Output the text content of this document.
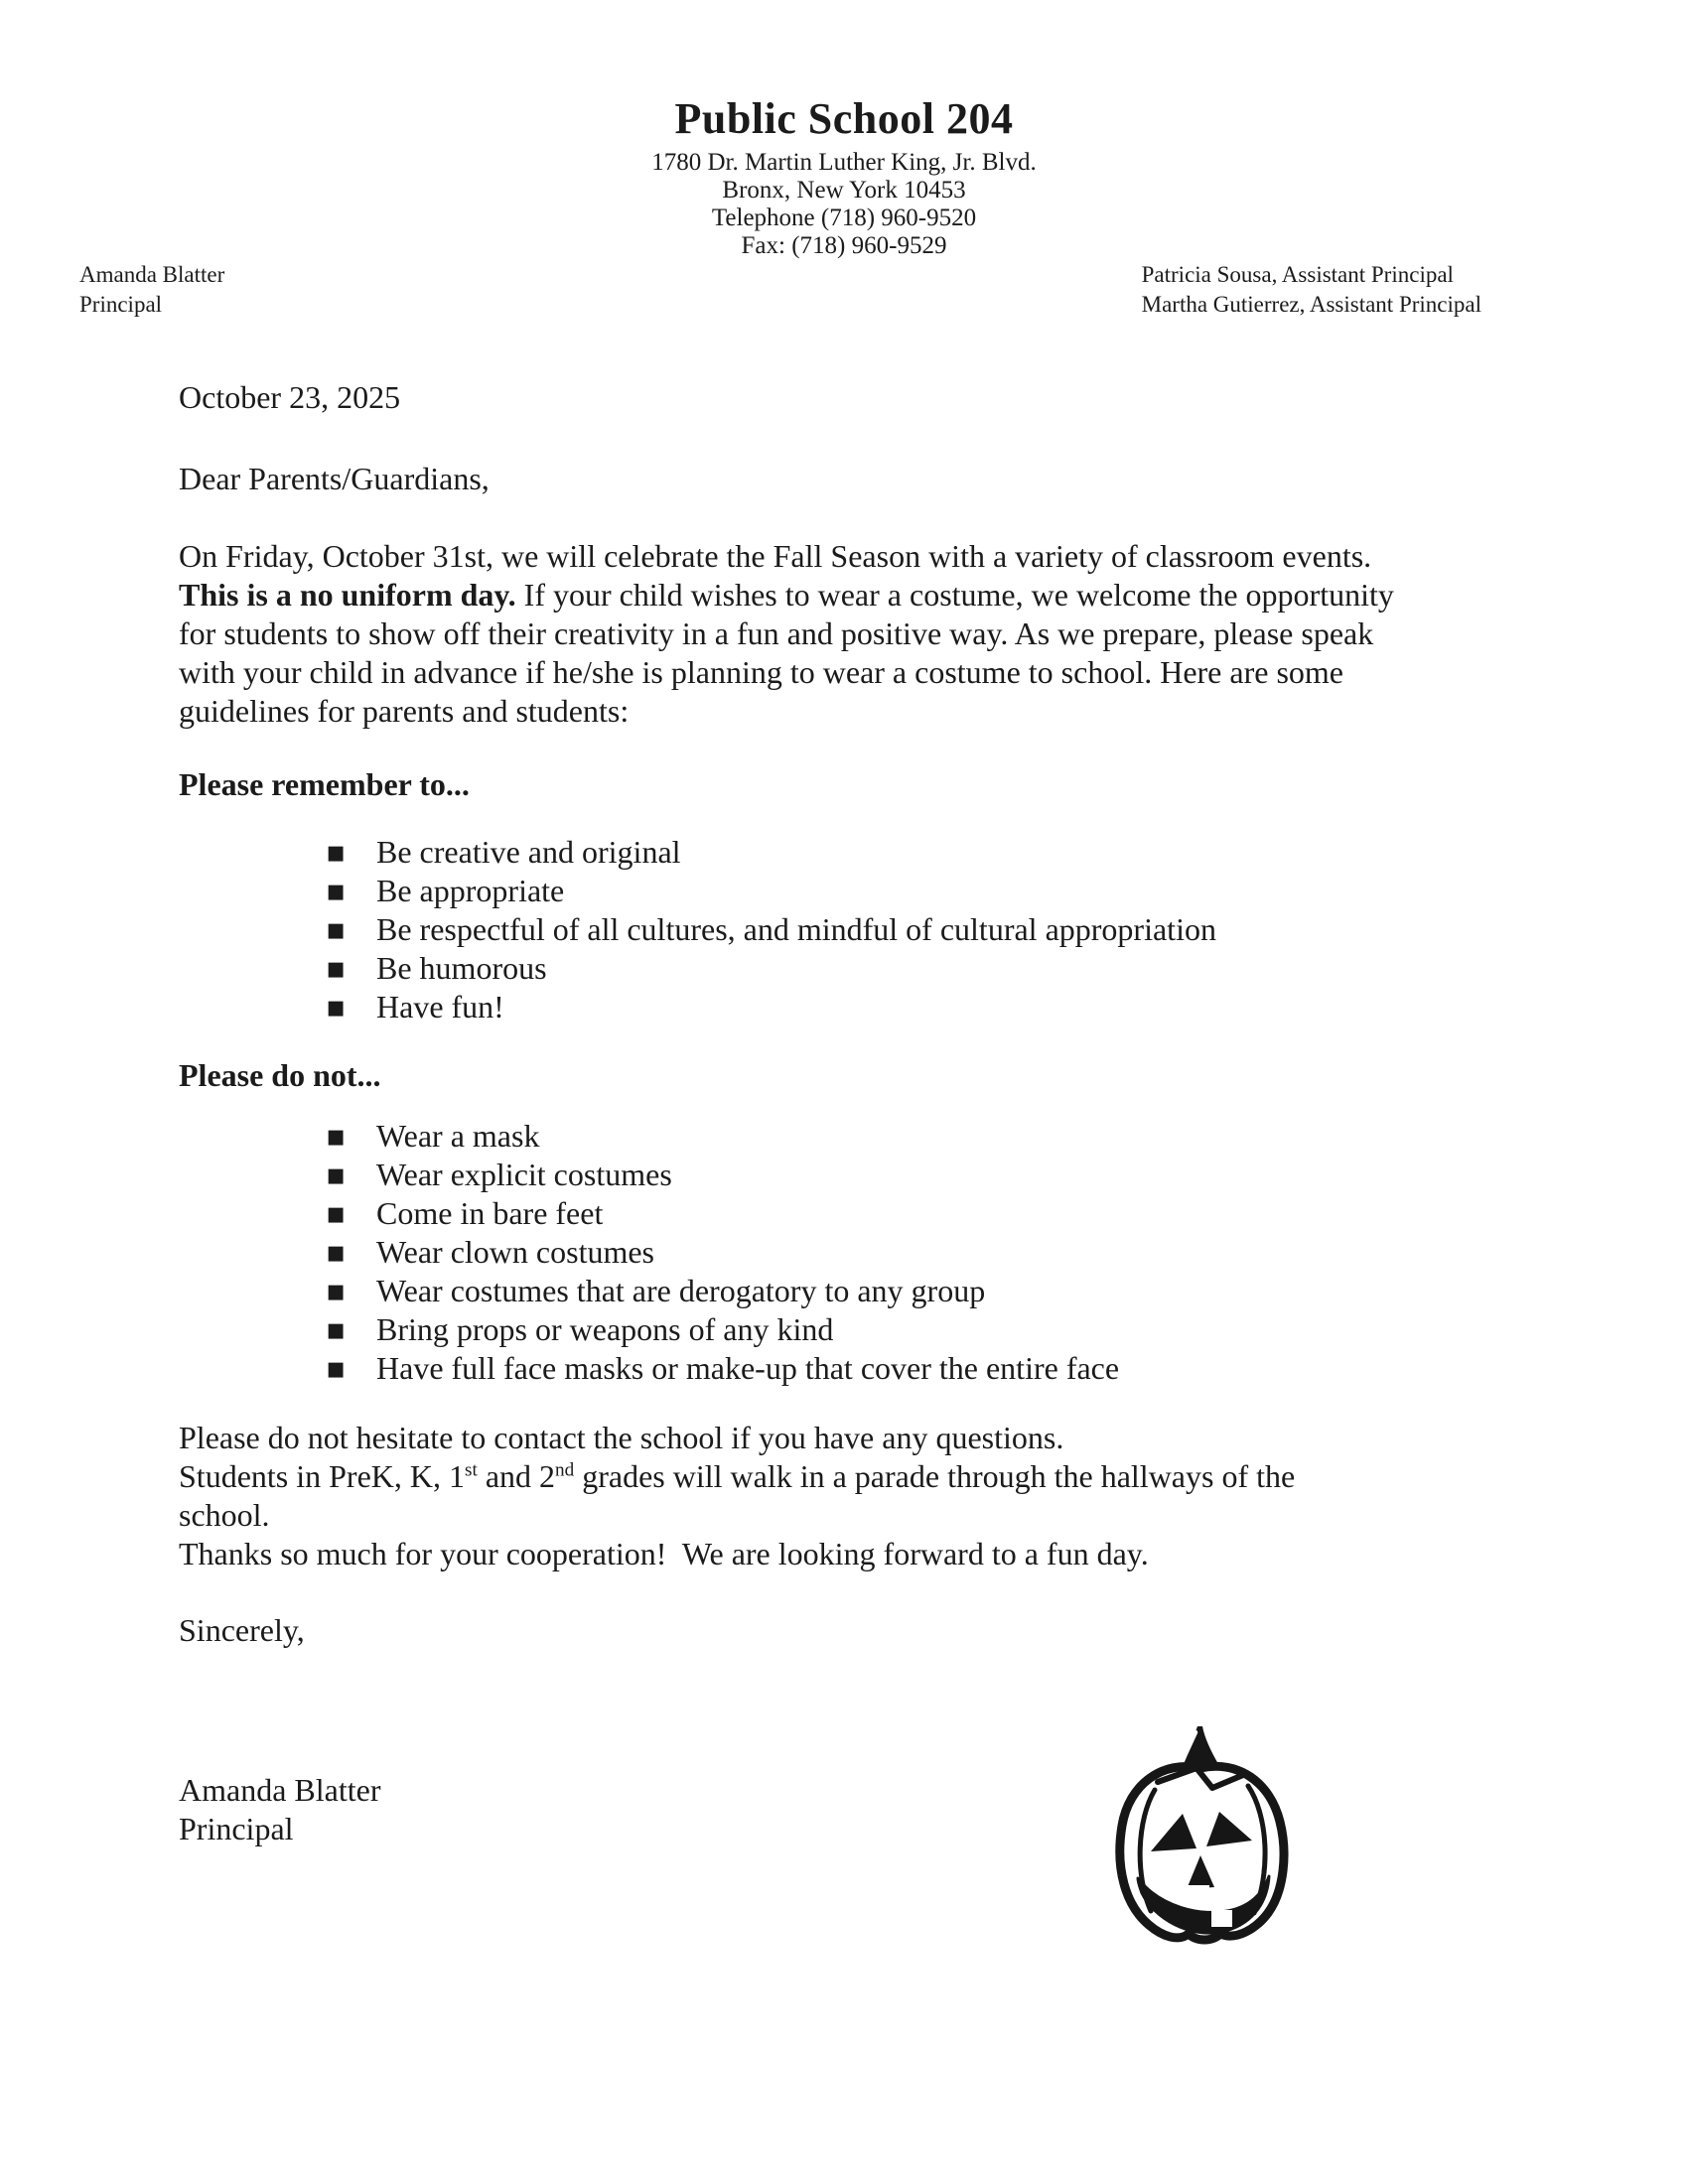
Public School 204
1780 Dr. Martin Luther King, Jr. Blvd.
Bronx, New York 10453
Telephone (718) 960-9520
Fax: (718) 960-9529
Amanda Blatter
Principal
Patricia Sousa, Assistant Principal
Martha Gutierrez, Assistant Principal

October 23, 2025

Dear Parents/Guardians,

On Friday, October 31st, we will celebrate the Fall Season with a variety of classroom events.
This is a no uniform day. If your child wishes to wear a costume, we welcome the opportunity
for students to show off their creativity in a fun and positive way. As we prepare, please speak
with your child in advance if he/she is planning to wear a costume to school. Here are some
guidelines for parents and students:

Please remember to...

▪ Be creative and original
▪ Be appropriate
▪ Be respectful of all cultures, and mindful of cultural appropriation
▪ Be humorous
▪ Have fun!

Please do not...

▪ Wear a mask
▪ Wear explicit costumes
▪ Come in bare feet
▪ Wear clown costumes
▪ Wear costumes that are derogatory to any group
▪ Bring props or weapons of any kind
▪ Have full face masks or make-up that cover the entire face
Please do not hesitate to contact the school if you have any questions.
Students in PreK, K, 1st and 2nd grades will walk in a parade through the hallways of the
school.
Thanks so much for your cooperation!  We are looking forward to a fun day.

Sincerely,

Amanda Blatter
Principal
